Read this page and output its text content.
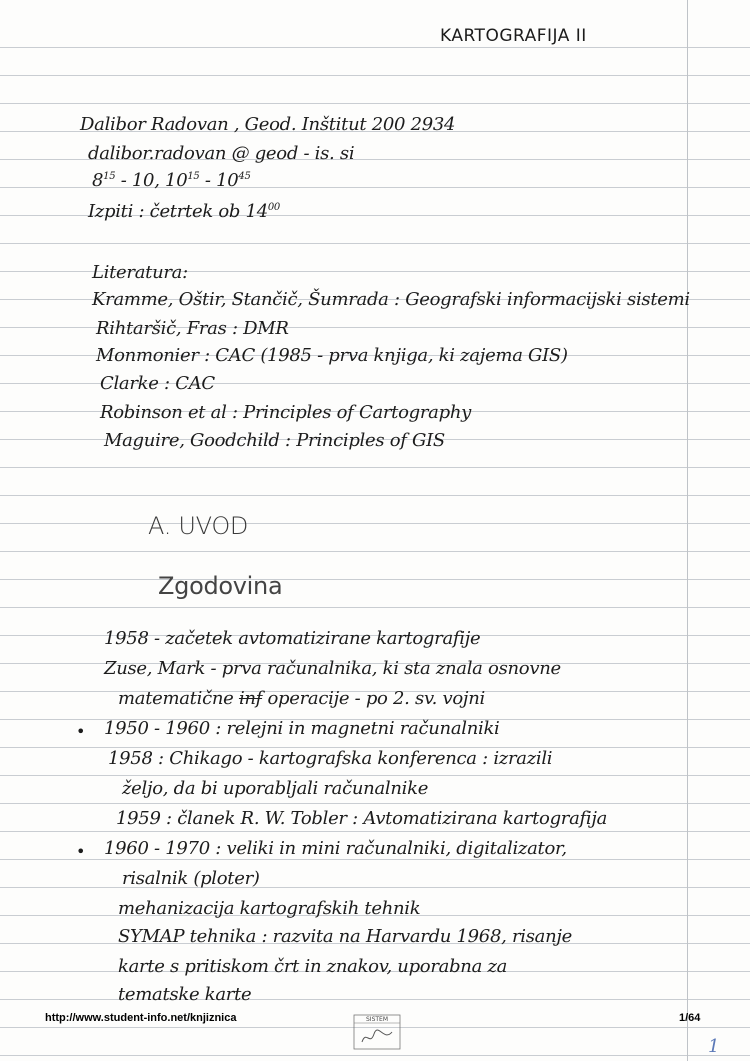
KARTOGRAFIJA II
Dalibor Radovan , Geod. Inštitut 200 2934
dalibor.radovan @ geod - is. si
$8^{15} - 10$, $10^{15} - 10^{45}$
Izpiti : četrtek ob $14^{00}$
Literatura:
Kramme, Oštir, Stančič, Šumrada : Geografski informacijski sistemi
Rihtaršič, Fras : DMR
Monmonier : CAC (1985 - prva knjiga, ki zajema GIS)
Clarke : CAC
Robinson et al : Principles of Cartography
Maguire, Goodchild : Principles of GIS
A. UVOD
Zgodovina
1958 - začetek avtomatizirane kartografije
Zuse, Mark - prva računalnika, ki sta znala osnovne
matematične inf operacije - po 2. sv. vojni
• 1950 - 1960 : relejni in magnetni računalniki
1958 : Chikago - kartografska konferenca : izrazili
željo, da bi uporabljali računalnike
1959 : članek R. W. Tobler : Avtomatizirana kartografija
• 1960 - 1970 : veliki in mini računalniki, digitalizator,
risalnik (ploter)
mehanizacija kartografskih tehnik
SYMAP tehnika : razvita na Harvardu 1968, risanje
karte s pritiskom črt in znakov, uporabna za
tematske karte
http://www.student-info.net/knjiznica	SISTEM	1/64
1
